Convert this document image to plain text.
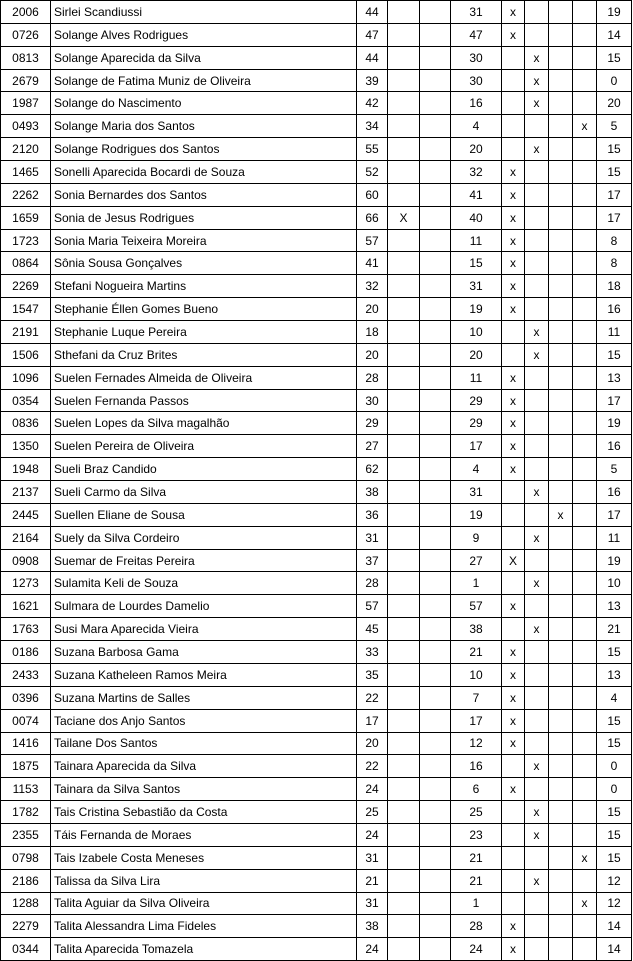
2006	Sirlei Scandiussi	44			31	x				19
0726	Solange Alves Rodrigues	47			47	x				14
0813	Solange Aparecida da Silva	44			30		x			15
2679	Solange de Fatima Muniz de Oliveira	39			30		x			0
1987	Solange do Nascimento	42			16		x			20
0493	Solange Maria dos Santos	34			4				x	5
2120	Solange Rodrigues dos Santos	55			20		x			15
1465	Sonelli Aparecida Bocardi de Souza	52			32	x				15
2262	Sonia Bernardes dos Santos	60			41	x				17
1659	Sonia de Jesus Rodrigues	66	X		40	x				17
1723	Sonia Maria Teixeira Moreira	57			11	x				8
0864	Sônia Sousa Gonçalves	41			15	x				8
2269	Stefani Nogueira Martins	32			31	x				18
1547	Stephanie Éllen Gomes Bueno	20			19	x				16
2191	Stephanie Luque Pereira	18			10		x			11
1506	Sthefani da Cruz Brites	20			20		x			15
1096	Suelen Fernades Almeida de Oliveira	28			11	x				13
0354	Suelen Fernanda Passos	30			29	x				17
0836	Suelen Lopes da Silva magalhão	29			29	x				19
1350	Suelen Pereira de Oliveira	27			17	x				16
1948	Sueli Braz Candido	62			4	x				5
2137	Sueli Carmo da Silva	38			31		x			16
2445	Suellen Eliane de Sousa	36			19			x		17
2164	Suely da Silva Cordeiro	31			9		x			11
0908	Suemar de Freitas Pereira	37			27	X				19
1273	Sulamita Keli de Souza	28			1		x			10
1621	Sulmara de Lourdes Damelio	57			57	x				13
1763	Susi Mara Aparecida Vieira	45			38		x			21
0186	Suzana Barbosa Gama	33			21	x				15
2433	Suzana Katheleen Ramos Meira	35			10	x				13
0396	Suzana Martins de Salles	22			7	x				4
0074	Taciane dos Anjo Santos	17			17	x				15
1416	Tailane Dos Santos	20			12	x				15
1875	Tainara Aparecida da Silva	22			16		x			0
1153	Tainara da Silva Santos	24			6	x				0
1782	Tais Cristina Sebastião da Costa	25			25		x			15
2355	Táis Fernanda de Moraes	24			23		x			15
0798	Tais Izabele Costa Meneses	31			21				x	15
2186	Talissa da Silva Lira	21			21		x			12
1288	Talita Aguiar da Silva Oliveira	31			1				x	12
2279	Talita Alessandra Lima Fideles	38			28	x				14
0344	Talita Aparecida Tomazela	24			24	x				14
